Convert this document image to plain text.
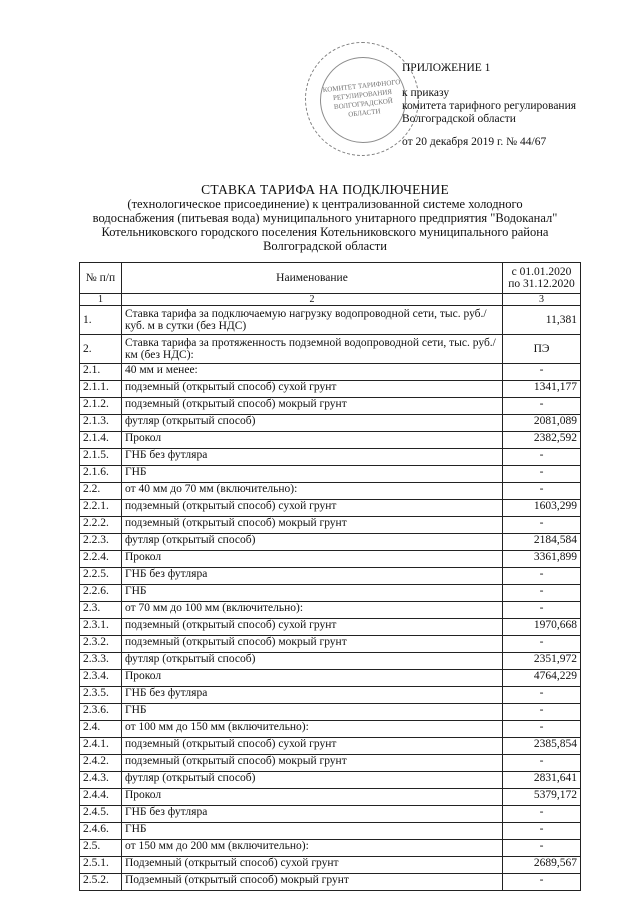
КОМИТЕТ ТАРИФНОГО РЕГУЛИРОВАНИЯ ВОЛГОГРАДСКОЙ ОБЛАСТИ
ПРИЛОЖЕНИЕ 1
к приказу
комитета тарифного регулирования
Волгоградской области
от 20 декабря 2019 г. № 44/67
СТАВКА ТАРИФА НА ПОДКЛЮЧЕНИЕ
(технологическое присоединение) к централизованной системе холодного
водоснабжения (питьевая вода) муниципального унитарного предприятия "Водоканал"
Котельниковского городского поселения Котельниковского муниципального района
Волгоградской области
№ п/п	Наименование	с 01.01.2020 по 31.12.2020
1	2	3
1.	Ставка тарифа за подключаемую нагрузку водопроводной сети, тыс. руб./куб. м в сутки (без НДС)	11,381
2.	Ставка тарифа за протяженность подземной водопроводной сети, тыс. руб./км (без НДС):	ПЭ
2.1.	40 мм и менее:	-
2.1.1.	подземный (открытый способ) сухой грунт	1341,177
2.1.2.	подземный (открытый способ) мокрый грунт	-
2.1.3.	футляр (открытый способ)	2081,089
2.1.4.	Прокол	2382,592
2.1.5.	ГНБ без футляра	-
2.1.6.	ГНБ	-
2.2.	от 40 мм до 70 мм (включительно):	-
2.2.1.	подземный (открытый способ) сухой грунт	1603,299
2.2.2.	подземный (открытый способ) мокрый грунт	-
2.2.3.	футляр (открытый способ)	2184,584
2.2.4.	Прокол	3361,899
2.2.5.	ГНБ без футляра	-
2.2.6.	ГНБ	-
2.3.	от 70 мм до 100 мм (включительно):	-
2.3.1.	подземный (открытый способ) сухой грунт	1970,668
2.3.2.	подземный (открытый способ) мокрый грунт	-
2.3.3.	футляр (открытый способ)	2351,972
2.3.4.	Прокол	4764,229
2.3.5.	ГНБ без футляра	-
2.3.6.	ГНБ	-
2.4.	от 100 мм до 150 мм (включительно):	-
2.4.1.	подземный (открытый способ) сухой грунт	2385,854
2.4.2.	подземный (открытый способ) мокрый грунт	-
2.4.3.	футляр (открытый способ)	2831,641
2.4.4.	Прокол	5379,172
2.4.5.	ГНБ без футляра	-
2.4.6.	ГНБ	-
2.5.	от 150 мм до 200 мм (включительно):	-
2.5.1.	Подземный (открытый способ) сухой грунт	2689,567
2.5.2.	Подземный (открытый способ) мокрый грунт	-
